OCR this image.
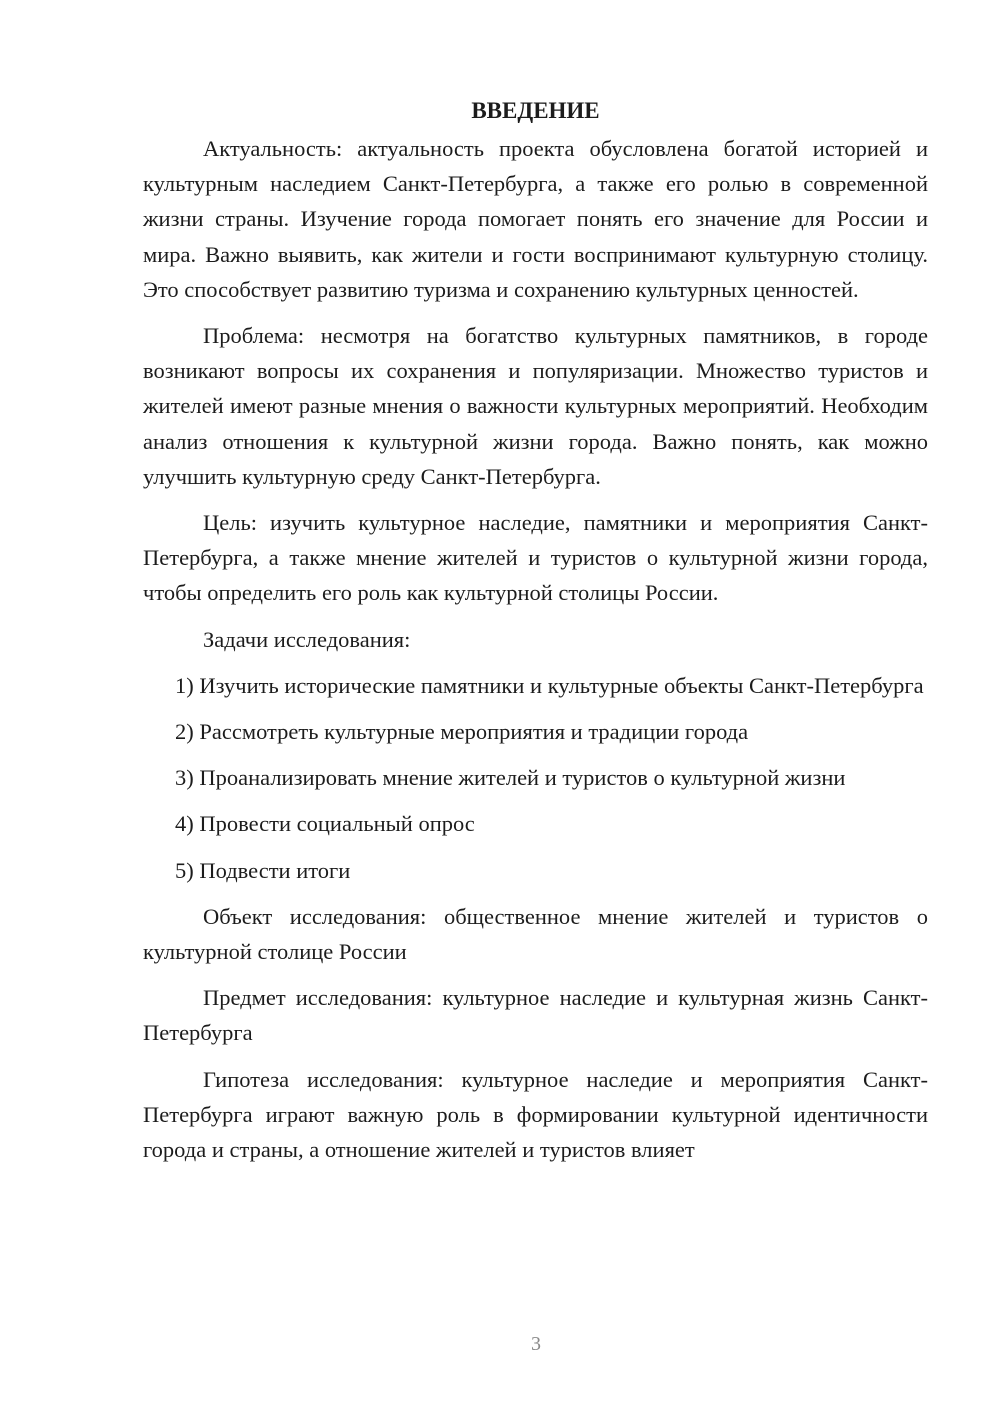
ВВЕДЕНИЕ

Актуальность: актуальность проекта обусловлена богатой историей и культурным наследием Санкт-Петербурга, а также его ролью в современной жизни страны. Изучение города помогает понять его значение для России и мира. Важно выявить, как жители и гости воспринимают культурную столицу. Это способствует развитию туризма и сохранению культурных ценностей.

Проблема: несмотря на богатство культурных памятников, в городе возникают вопросы их сохранения и популяризации. Множество туристов и жителей имеют разные мнения о важности культурных мероприятий. Необходим анализ отношения к культурной жизни города. Важно понять, как можно улучшить культурную среду Санкт-Петербурга.

Цель: изучить культурное наследие, памятники и мероприятия Санкт-Петербурга, а также мнение жителей и туристов о культурной жизни города, чтобы определить его роль как культурной столицы России.

Задачи исследования:

1) Изучить исторические памятники и культурные объекты Санкт-Петербурга

2) Рассмотреть культурные мероприятия и традиции города

3) Проанализировать мнение жителей и туристов о культурной жизни

4) Провести социальный опрос

5) Подвести итоги

Объект исследования: общественное мнение жителей и туристов о культурной столице России

Предмет исследования: культурное наследие и культурная жизнь Санкт-Петербурга

Гипотеза исследования: культурное наследие и мероприятия Санкт-Петербурга играют важную роль в формировании культурной идентичности города и страны, а отношение жителей и туристов влияет

3
